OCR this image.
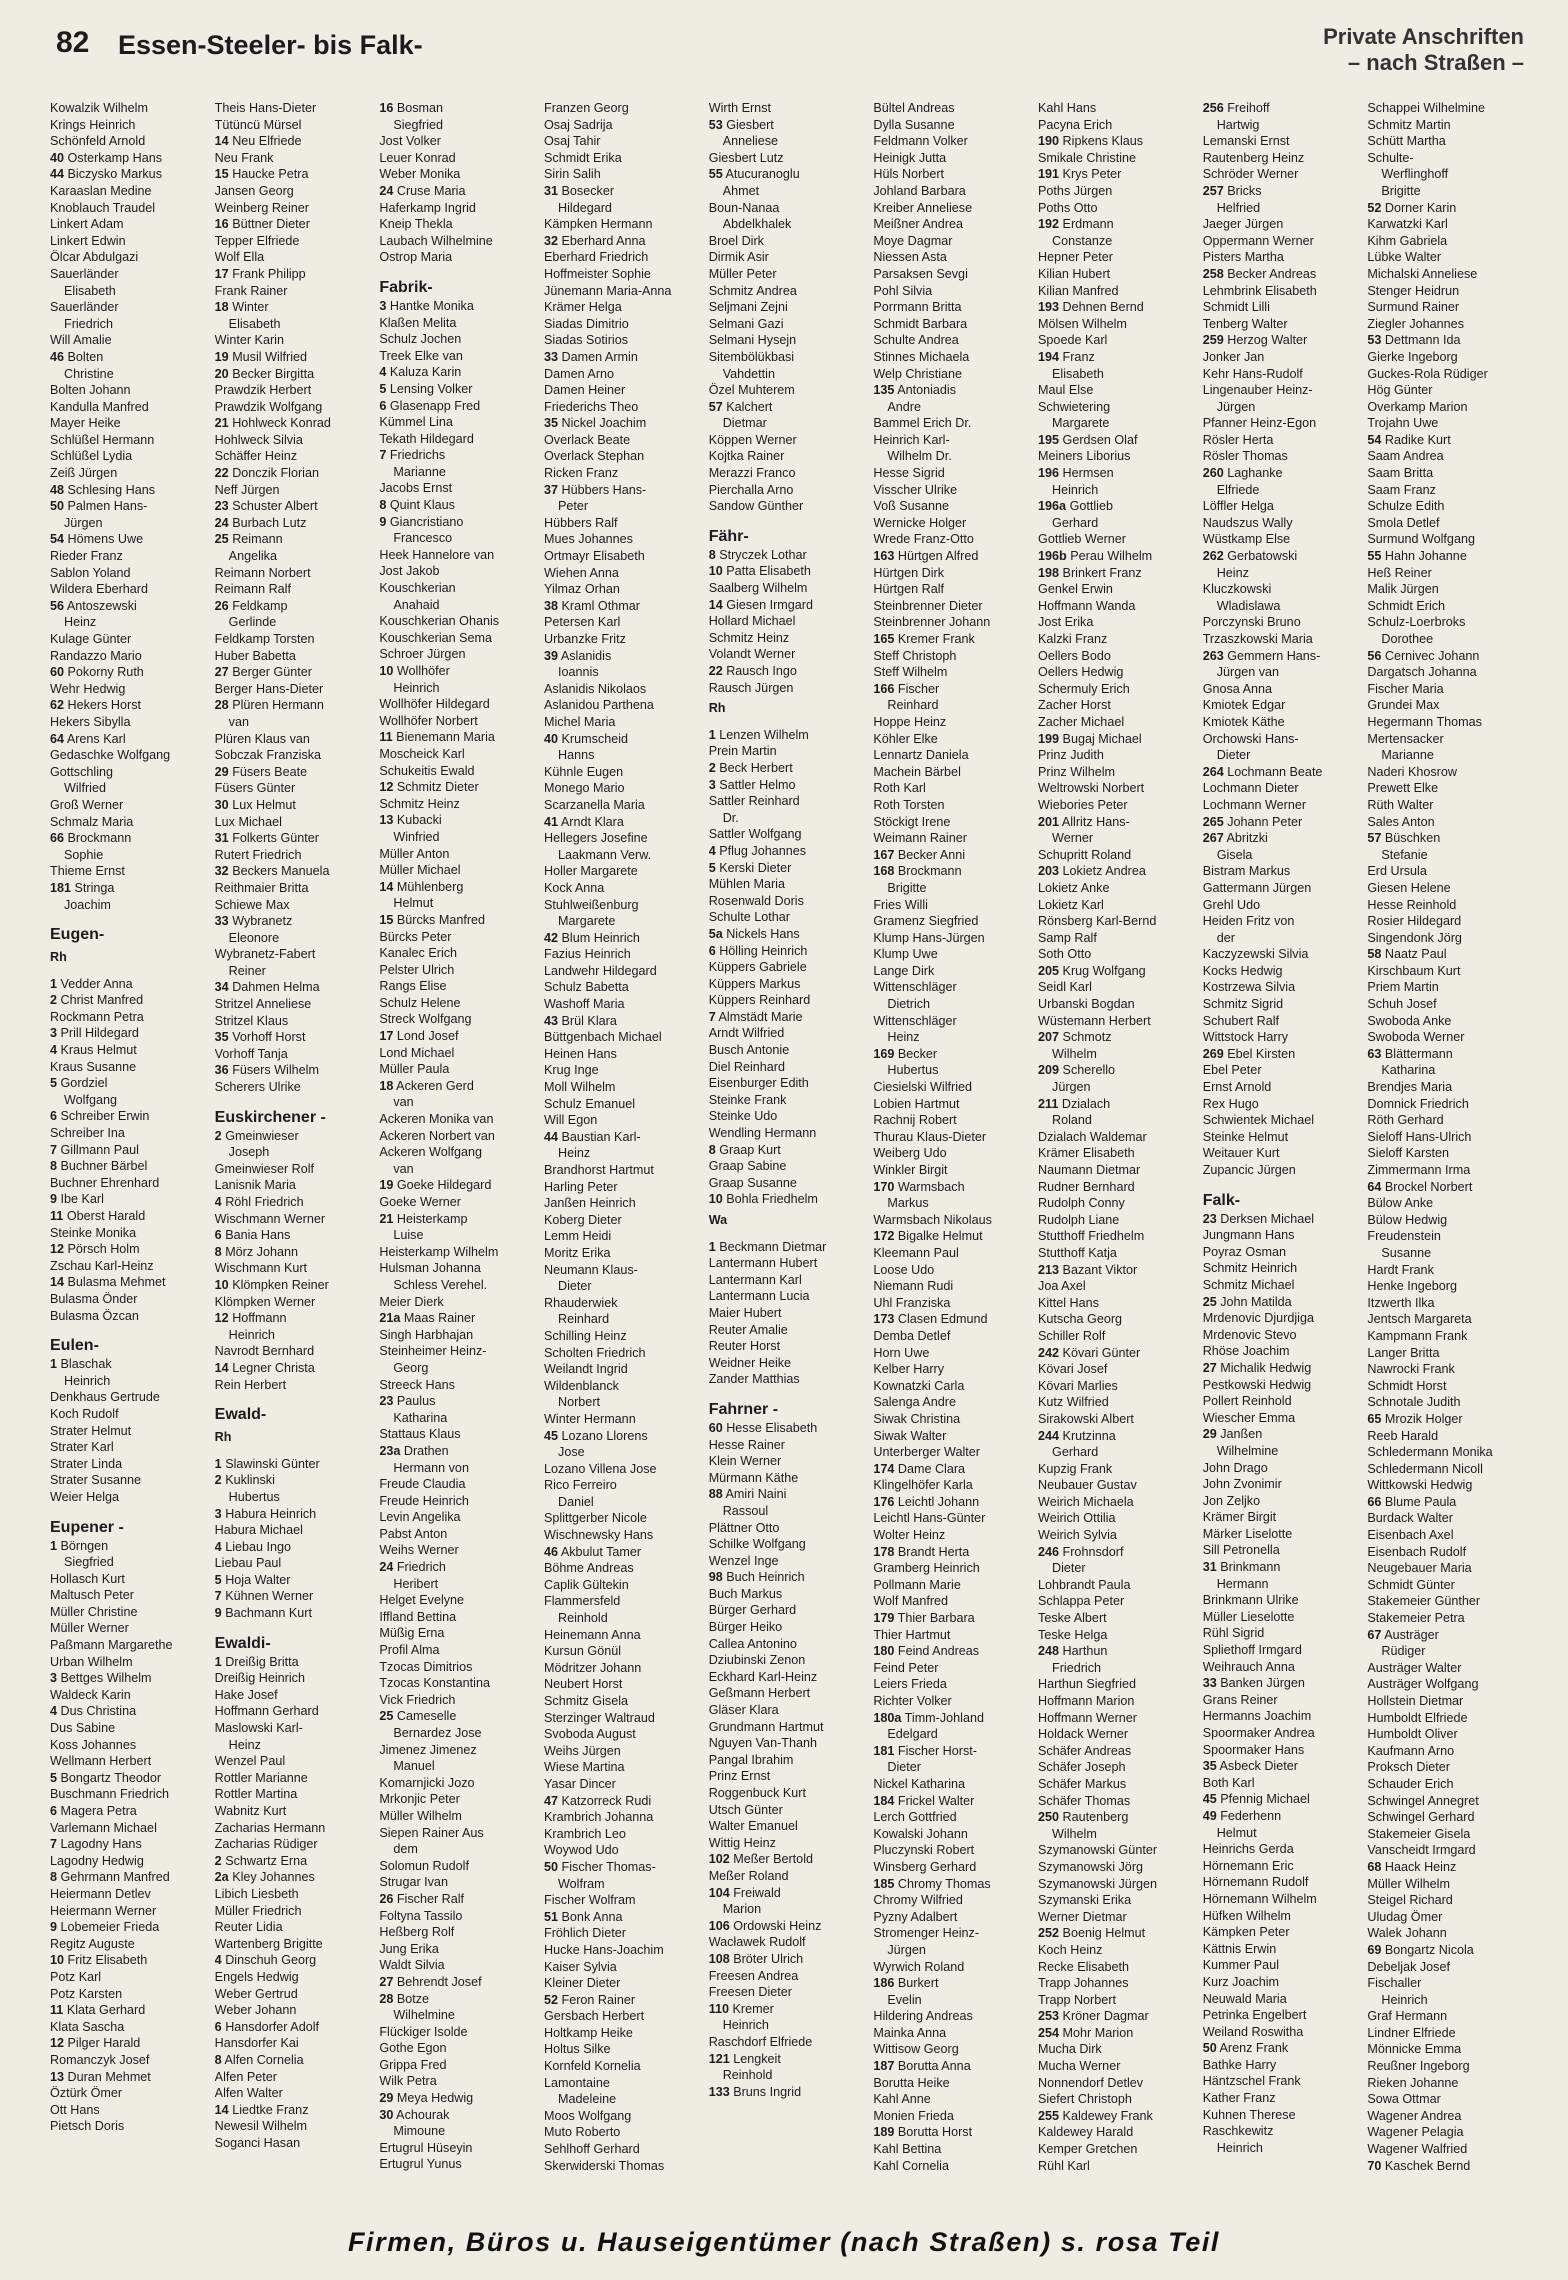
82 Essen-Steeler- bis Falk-	Private Anschriften
– nach Straßen –
Kowalzik Wilhelm
Krings Heinrich
Schönfeld Arnold
40 Osterkamp Hans
44 Biczysko Markus
Karaaslan Medine
Knoblauch Traudel
Linkert Adam
Linkert Edwin
Ölcar Abdulgazi
Sauerländer
Elisabeth
Sauerländer
Friedrich
Will Amalie
46 Bolten
Christine
Bolten Johann
Kandulla Manfred
Mayer Heike
Schlüßel Hermann
Schlüßel Lydia
Zeiß Jürgen
48 Schlesing Hans
50 Palmen Hans-
Jürgen
54 Hömens Uwe
Rieder Franz
Sablon Yoland
Wildera Eberhard
56 Antoszewski
Heinz
Kulage Günter
Randazzo Mario
60 Pokorny Ruth
Wehr Hedwig
62 Hekers Horst
Hekers Sibylla
64 Arens Karl
Gedaschke Wolfgang
Gottschling
Wilfried
Groß Werner
Schmalz Maria
66 Brockmann
Sophie
Thieme Ernst
181 Stringa
Joachim
Eugen-
Rh
1 Vedder Anna
2 Christ Manfred
Rockmann Petra
3 Prill Hildegard
4 Kraus Helmut
Kraus Susanne
5 Gordziel
Wolfgang
6 Schreiber Erwin
Schreiber Ina
7 Gillmann Paul
8 Buchner Bärbel
Buchner Ehrenhard
9 Ibe Karl
11 Oberst Harald
Steinke Monika
12 Pörsch Holm
Zschau Karl-Heinz
14 Bulasma Mehmet
Bulasma Önder
Bulasma Özcan
Eulen-
1 Blaschak
Heinrich
Denkhaus Gertrude
Koch Rudolf
Strater Helmut
Strater Karl
Strater Linda
Strater Susanne
Weier Helga
Eupener -
1 Börngen
Siegfried
Hollasch Kurt
Maltusch Peter
Müller Christine
Müller Werner
Paßmann Margarethe
Urban Wilhelm
3 Bettges Wilhelm
Waldeck Karin
4 Dus Christina
Dus Sabine
Koss Johannes
Wellmann Herbert
5 Bongartz Theodor
Buschmann Friedrich
6 Magera Petra
Varlemann Michael
7 Lagodny Hans
Lagodny Hedwig
8 Gehrmann Manfred
Heiermann Detlev
Heiermann Werner
9 Lobemeier Frieda
Regitz Auguste
10 Fritz Elisabeth
Potz Karl
Potz Karsten
11 Klata Gerhard
Klata Sascha
12 Pilger Harald
Romanczyk Josef
13 Duran Mehmet
Öztürk Ömer
Ott Hans
Pietsch Doris
Theis Hans-Dieter
Tütüncü Mürsel
14 Neu Elfriede
Neu Frank
15 Haucke Petra
Jansen Georg
Weinberg Reiner
16 Büttner Dieter
Tepper Elfriede
Wolf Ella
17 Frank Philipp
Frank Rainer
18 Winter
Elisabeth
Winter Karin
19 Musil Wilfried
20 Becker Birgitta
Prawdzik Herbert
Prawdzik Wolfgang
21 Hohlweck Konrad
Hohlweck Silvia
Schäffer Heinz
22 Donczik Florian
Neff Jürgen
23 Schuster Albert
24 Burbach Lutz
25 Reimann
Angelika
Reimann Norbert
Reimann Ralf
26 Feldkamp
Gerlinde
Feldkamp Torsten
Huber Babetta
27 Berger Günter
Berger Hans-Dieter
28 Plüren Hermann
van
Plüren Klaus van
Sobczak Franziska
29 Füsers Beate
Füsers Günter
30 Lux Helmut
Lux Michael
31 Folkerts Günter
Rutert Friedrich
32 Beckers Manuela
Reithmaier Britta
Schiewe Max
33 Wybranetz
Eleonore
Wybranetz-Fabert
Reiner
34 Dahmen Helma
Stritzel Anneliese
Stritzel Klaus
35 Vorhoff Horst
Vorhoff Tanja
36 Füsers Wilhelm
Scherers Ulrike
Euskirchener -
2 Gmeinwieser
Joseph
Gmeinwieser Rolf
Lanisnik Maria
4 Röhl Friedrich
Wischmann Werner
6 Bania Hans
8 Mörz Johann
Wischmann Kurt
10 Klömpken Reiner
Klömpken Werner
12 Hoffmann
Heinrich
Navrodt Bernhard
14 Legner Christa
Rein Herbert
Ewald-
Rh
1 Slawinski Günter
2 Kuklinski
Hubertus
3 Habura Heinrich
Habura Michael
4 Liebau Ingo
Liebau Paul
5 Hoja Walter
7 Kühnen Werner
9 Bachmann Kurt
Ewaldi-
1 Dreißig Britta
Dreißig Heinrich
Hake Josef
Hoffmann Gerhard
Maslowski Karl-
Heinz
Wenzel Paul
Rottler Marianne
Rottler Martina
Wabnitz Kurt
Zacharias Hermann
Zacharias Rüdiger
2 Schwartz Erna
2a Kley Johannes
Libich Liesbeth
Müller Friedrich
Reuter Lidia
Wartenberg Brigitte
4 Dinschuh Georg
Engels Hedwig
Weber Gertrud
Weber Johann
6 Hansdorfer Adolf
Hansdorfer Kai
8 Alfen Cornelia
Alfen Peter
Alfen Walter
14 Liedtke Franz
Newesil Wilhelm
Soganci Hasan
16 Bosman
Siegfried
Jost Volker
Leuer Konrad
Weber Monika
24 Cruse Maria
Haferkamp Ingrid
Kneip Thekla
Laubach Wilhelmine
Ostrop Maria
Fabrik-
3 Hantke Monika
Klaßen Melita
Schulz Jochen
Treek Elke van
4 Kaluza Karin
5 Lensing Volker
6 Glasenapp Fred
Kümmel Lina
Tekath Hildegard
7 Friedrichs
Marianne
Jacobs Ernst
8 Quint Klaus
9 Giancristiano
Francesco
Heek Hannelore van
Jost Jakob
Kouschkerian
Anahaid
Kouschkerian Ohanis
Kouschkerian Sema
Schroer Jürgen
10 Wollhöfer
Heinrich
Wollhöfer Hildegard
Wollhöfer Norbert
11 Bienemann Maria
Moscheick Karl
Schukeitis Ewald
12 Schmitz Dieter
Schmitz Heinz
13 Kubacki
Winfried
Müller Anton
Müller Michael
14 Mühlenberg
Helmut
15 Bürcks Manfred
Bürcks Peter
Kanalec Erich
Pelster Ulrich
Rangs Elise
Schulz Helene
Streck Wolfgang
17 Lond Josef
Lond Michael
Müller Paula
18 Ackeren Gerd
van
Ackeren Monika van
Ackeren Norbert van
Ackeren Wolfgang
van
19 Goeke Hildegard
Goeke Werner
21 Heisterkamp
Luise
Heisterkamp Wilhelm
Hulsman Johanna
Schless Verehel.
Meier Dierk
21a Maas Rainer
Singh Harbhajan
Steinheimer Heinz-
Georg
Streeck Hans
23 Paulus
Katharina
Stattaus Klaus
23a Drathen
Hermann von
Freude Claudia
Freude Heinrich
Levin Angelika
Pabst Anton
Weihs Werner
24 Friedrich
Heribert
Helget Evelyne
Iffland Bettina
Müßig Erna
Profil Alma
Tzocas Dimitrios
Tzocas Konstantina
Vick Friedrich
25 Cameselle
Bernardez Jose
Jimenez Jimenez
Manuel
Komarnjicki Jozo
Mrkonjic Peter
Müller Wilhelm
Siepen Rainer Aus
dem
Solomun Rudolf
Strugar Ivan
26 Fischer Ralf
Foltyna Tassilo
Heßberg Rolf
Jung Erika
Waldt Silvia
27 Behrendt Josef
28 Botze
Wilhelmine
Flückiger Isolde
Gothe Egon
Grippa Fred
Wilk Petra
29 Meya Hedwig
30 Achourak
Mimoune
Ertugrul Hüseyin
Ertugrul Yunus
Franzen Georg
Osaj Sadrija
Osaj Tahir
Schmidt Erika
Sirin Salih
31 Bosecker
Hildegard
Kämpken Hermann
32 Eberhard Anna
Eberhard Friedrich
Hoffmeister Sophie
Jünemann Maria-Anna
Krämer Helga
Siadas Dimitrio
Siadas Sotirios
33 Damen Armin
Damen Arno
Damen Heiner
Friederichs Theo
35 Nickel Joachim
Overlack Beate
Overlack Stephan
Ricken Franz
37 Hübbers Hans-
Peter
Hübbers Ralf
Mues Johannes
Ortmayr Elisabeth
Wiehen Anna
Yilmaz Orhan
38 Kraml Othmar
Petersen Karl
Urbanzke Fritz
39 Aslanidis
Ioannis
Aslanidis Nikolaos
Aslanidou Parthena
Michel Maria
40 Krumscheid
Hanns
Kühnle Eugen
Monego Mario
Scarzanella Maria
41 Arndt Klara
Hellegers Josefine
Laakmann Verw.
Holler Margarete
Kock Anna
Stuhlweißenburg
Margarete
42 Blum Heinrich
Fazius Heinrich
Landwehr Hildegard
Schulz Babetta
Washoff Maria
43 Brül Klara
Büttgenbach Michael
Heinen Hans
Krug Inge
Moll Wilhelm
Schulz Emanuel
Will Egon
44 Baustian Karl-
Heinz
Brandhorst Hartmut
Harling Peter
Janßen Heinrich
Koberg Dieter
Lemm Heidi
Moritz Erika
Neumann Klaus-
Dieter
Rhauderwiek
Reinhard
Schilling Heinz
Scholten Friedrich
Weilandt Ingrid
Wildenblanck
Norbert
Winter Hermann
45 Lozano Llorens
Jose
Lozano Villena Jose
Rico Ferreiro
Daniel
Splittgerber Nicole
Wischnewsky Hans
46 Akbulut Tamer
Böhme Andreas
Caplik Gültekin
Flammersfeld
Reinhold
Heinemann Anna
Kursun Gönül
Mödritzer Johann
Neubert Horst
Schmitz Gisela
Sterzinger Waltraud
Svoboda August
Weihs Jürgen
Wiese Martina
Yasar Dincer
47 Katzorreck Rudi
Krambrich Johanna
Krambrich Leo
Woywod Udo
50 Fischer Thomas-
Wolfram
Fischer Wolfram
51 Bonk Anna
Fröhlich Dieter
Hucke Hans-Joachim
Kaiser Sylvia
Kleiner Dieter
52 Feron Rainer
Gersbach Herbert
Holtkamp Heike
Holtus Silke
Kornfeld Kornelia
Lamontaine
Madeleine
Moos Wolfgang
Muto Roberto
Sehlhoff Gerhard
Skerwiderski Thomas
Wirth Ernst
53 Giesbert
Anneliese
Giesbert Lutz
55 Atucuranoglu
Ahmet
Boun-Nanaa
Abdelkhalek
Broel Dirk
Dirmik Asir
Müller Peter
Schmitz Andrea
Seljmani Zejni
Selmani Gazi
Selmani Hysejn
Sitembölükbasi
Vahdettin
Özel Muhterem
57 Kalchert
Dietmar
Köppen Werner
Kojtka Rainer
Merazzi Franco
Pierchalla Arno
Sandow Günther
Fähr-
8 Stryczek Lothar
10 Patta Elisabeth
Saalberg Wilhelm
14 Giesen Irmgard
Hollard Michael
Schmitz Heinz
Volandt Werner
22 Rausch Ingo
Rausch Jürgen
Rh
1 Lenzen Wilhelm
Prein Martin
2 Beck Herbert
3 Sattler Helmo
Sattler Reinhard
Dr.
Sattler Wolfgang
4 Pflug Johannes
5 Kerski Dieter
Mühlen Maria
Rosenwald Doris
Schulte Lothar
5a Nickels Hans
6 Hölling Heinrich
Küppers Gabriele
Küppers Markus
Küppers Reinhard
7 Almstädt Marie
Arndt Wilfried
Busch Antonie
Diel Reinhard
Eisenburger Edith
Steinke Frank
Steinke Udo
Wendling Hermann
8 Graap Kurt
Graap Sabine
Graap Susanne
10 Bohla Friedhelm
Wa
1 Beckmann Dietmar
Lantermann Hubert
Lantermann Karl
Lantermann Lucia
Maier Hubert
Reuter Amalie
Reuter Horst
Weidner Heike
Zander Matthias
Fahrner -
60 Hesse Elisabeth
Hesse Rainer
Klein Werner
Mürmann Käthe
88 Amiri Naini
Rassoul
Plättner Otto
Schilke Wolfgang
Wenzel Inge
98 Buch Heinrich
Buch Markus
Bürger Gerhard
Bürger Heiko
Callea Antonino
Dziubinski Zenon
Eckhard Karl-Heinz
Geßmann Herbert
Gläser Klara
Grundmann Hartmut
Nguyen Van-Thanh
Pangal Ibrahim
Prinz Ernst
Roggenbuck Kurt
Utsch Günter
Walter Emanuel
Wittig Heinz
102 Meßer Bertold
Meßer Roland
104 Freiwald
Marion
106 Ordowski Heinz
Wacławek Rudolf
108 Bröter Ulrich
Freesen Andrea
Freesen Dieter
110 Kremer
Heinrich
Raschdorf Elfriede
121 Lengkeit
Reinhold
133 Bruns Ingrid
Bültel Andreas
Dylla Susanne
Feldmann Volker
Heinigk Jutta
Hüls Norbert
Johland Barbara
Kreiber Anneliese
Meißner Andrea
Moye Dagmar
Niessen Asta
Parsaksen Sevgi
Pohl Silvia
Porrmann Britta
Schmidt Barbara
Schulte Andrea
Stinnes Michaela
Welp Christiane
135 Antoniadis
Andre
Bammel Erich Dr.
Heinrich Karl-
Wilhelm Dr.
Hesse Sigrid
Visscher Ulrike
Voß Susanne
Wernicke Holger
Wrede Franz-Otto
163 Hürtgen Alfred
Hürtgen Dirk
Hürtgen Ralf
Steinbrenner Dieter
Steinbrenner Johann
165 Kremer Frank
Steff Christoph
Steff Wilhelm
166 Fischer
Reinhard
Hoppe Heinz
Köhler Elke
Lennartz Daniela
Machein Bärbel
Roth Karl
Roth Torsten
Stöckigt Irene
Weimann Rainer
167 Becker Anni
168 Brockmann
Brigitte
Fries Willi
Gramenz Siegfried
Klump Hans-Jürgen
Klump Uwe
Lange Dirk
Wittenschläger
Dietrich
Wittenschläger
Heinz
169 Becker
Hubertus
Ciesielski Wilfried
Lobien Hartmut
Rachnij Robert
Thurau Klaus-Dieter
Weiberg Udo
Winkler Birgit
170 Warmsbach
Markus
Warmsbach Nikolaus
172 Bigalke Helmut
Kleemann Paul
Loose Udo
Niemann Rudi
Uhl Franziska
173 Clasen Edmund
Demba Detlef
Horn Uwe
Kelber Harry
Kownatzki Carla
Salenga Andre
Siwak Christina
Siwak Walter
Unterberger Walter
174 Dame Clara
Klingelhöfer Karla
176 Leichtl Johann
Leichtl Hans-Günter
Wolter Heinz
178 Brandt Herta
Gramberg Heinrich
Pollmann Marie
Wolf Manfred
179 Thier Barbara
Thier Hartmut
180 Feind Andreas
Feind Peter
Leiers Frieda
Richter Volker
180a Timm-Johland
Edelgard
181 Fischer Horst-
Dieter
Nickel Katharina
184 Frickel Walter
Lerch Gottfried
Kowalski Johann
Pluczynski Robert
Winsberg Gerhard
185 Chromy Thomas
Chromy Wilfried
Pyzny Adalbert
Stromenger Heinz-
Jürgen
Wyrwich Roland
186 Burkert
Evelin
Hildering Andreas
Mainka Anna
Wittisow Georg
187 Borutta Anna
Borutta Heike
Kahl Anne
Monien Frieda
189 Borutta Horst
Kahl Bettina
Kahl Cornelia
Kahl Hans
Pacyna Erich
190 Ripkens Klaus
Smikale Christine
191 Krys Peter
Poths Jürgen
Poths Otto
192 Erdmann
Constanze
Hepner Peter
Kilian Hubert
Kilian Manfred
193 Dehnen Bernd
Mölsen Wilhelm
Spoede Karl
194 Franz
Elisabeth
Maul Else
Schwietering
Margarete
195 Gerdsen Olaf
Meiners Liborius
196 Hermsen
Heinrich
196a Gottlieb
Gerhard
Gottlieb Werner
196b Perau Wilhelm
198 Brinkert Franz
Genkel Erwin
Hoffmann Wanda
Jost Erika
Kalzki Franz
Oellers Bodo
Oellers Hedwig
Schermuly Erich
Zacher Horst
Zacher Michael
199 Bugaj Michael
Prinz Judith
Prinz Wilhelm
Weltrowski Norbert
Wiebories Peter
201 Allritz Hans-
Werner
Schupritt Roland
203 Lokietz Andrea
Lokietz Anke
Lokietz Karl
Rönsberg Karl-Bernd
Samp Ralf
Soth Otto
205 Krug Wolfgang
Seidl Karl
Urbanski Bogdan
Wüstemann Herbert
207 Schmotz
Wilhelm
209 Scherello
Jürgen
211 Dzialach
Roland
Dzialach Waldemar
Krämer Elisabeth
Naumann Dietmar
Rudner Bernhard
Rudolph Conny
Rudolph Liane
Stutthoff Friedhelm
Stutthoff Katja
213 Bazant Viktor
Joa Axel
Kittel Hans
Kutscha Georg
Schiller Rolf
242 Kövari Günter
Kövari Josef
Kövari Marlies
Kutz Wilfried
Sirakowski Albert
244 Krutzinna
Gerhard
Kupzig Frank
Neubauer Gustav
Weirich Michaela
Weirich Ottilia
Weirich Sylvia
246 Frohnsdorf
Dieter
Lohbrandt Paula
Schlappa Peter
Teske Albert
Teske Helga
248 Harthun
Friedrich
Harthun Siegfried
Hoffmann Marion
Hoffmann Werner
Holdack Werner
Schäfer Andreas
Schäfer Joseph
Schäfer Markus
Schäfer Thomas
250 Rautenberg
Wilhelm
Szymanowski Günter
Szymanowski Jörg
Szymanowski Jürgen
Szymanski Erika
Werner Dietmar
252 Boenig Helmut
Koch Heinz
Recke Elisabeth
Trapp Johannes
Trapp Norbert
253 Kröner Dagmar
254 Mohr Marion
Mucha Dirk
Mucha Werner
Nonnendorf Detlev
Siefert Christoph
255 Kaldewey Frank
Kaldewey Harald
Kemper Gretchen
Rühl Karl
256 Freihoff
Hartwig
Lemanski Ernst
Rautenberg Heinz
Schröder Werner
257 Bricks
Helfried
Jaeger Jürgen
Oppermann Werner
Pisters Martha
258 Becker Andreas
Lehmbrink Elisabeth
Schmidt Lilli
Tenberg Walter
259 Herzog Walter
Jonker Jan
Kehr Hans-Rudolf
Lingenauber Heinz-
Jürgen
Pfanner Heinz-Egon
Rösler Herta
Rösler Thomas
260 Laghanke
Elfriede
Löffler Helga
Naudszus Wally
Wüstkamp Else
262 Gerbatowski
Heinz
Kluczkowski
Wladislawa
Porczynski Bruno
Trzaszkowski Maria
263 Gemmern Hans-
Jürgen van
Gnosa Anna
Kmiotek Edgar
Kmiotek Käthe
Orchowski Hans-
Dieter
264 Lochmann Beate
Lochmann Dieter
Lochmann Werner
265 Johann Peter
267 Abritzki
Gisela
Bistram Markus
Gattermann Jürgen
Grehl Udo
Heiden Fritz von
der
Kaczyzewski Silvia
Kocks Hedwig
Kostrzewa Silvia
Schmitz Sigrid
Schubert Ralf
Wittstock Harry
269 Ebel Kirsten
Ebel Peter
Ernst Arnold
Rex Hugo
Schwientek Michael
Steinke Helmut
Weitauer Kurt
Zupancic Jürgen
Falk-
23 Derksen Michael
Jungmann Hans
Poyraz Osman
Schmitz Heinrich
Schmitz Michael
25 John Matilda
Mrdenovic Djurdjiga
Mrdenovic Stevo
Rhöse Joachim
27 Michalik Hedwig
Pestkowski Hedwig
Pollert Reinhold
Wiescher Emma
29 Janßen
Wilhelmine
John Drago
John Zvonimir
Jon Zeljko
Krämer Birgit
Märker Liselotte
Sill Petronella
31 Brinkmann
Hermann
Brinkmann Ulrike
Müller Lieselotte
Rühl Sigrid
Spliethoff Irmgard
Weihrauch Anna
33 Banken Jürgen
Grans Reiner
Hermanns Joachim
Spoormaker Andrea
Spoormaker Hans
35 Asbeck Dieter
Both Karl
45 Pfennig Michael
49 Federhenn
Helmut
Heinrichs Gerda
Hörnemann Eric
Hörnemann Rudolf
Hörnemann Wilhelm
Hüfken Wilhelm
Kämpken Peter
Kättnis Erwin
Kummer Paul
Kurz Joachim
Neuwald Maria
Petrinka Engelbert
Weiland Roswitha
50 Arenz Frank
Bathke Harry
Häntzschel Frank
Kather Franz
Kuhnen Therese
Raschkewitz
Heinrich
Schappei Wilhelmine
Schmitz Martin
Schütt Martha
Schulte-
Werflinghoff
Brigitte
52 Dorner Karin
Karwatzki Karl
Kihm Gabriela
Lübke Walter
Michalski Anneliese
Stenger Heidrun
Surmund Rainer
Ziegler Johannes
53 Dettmann Ida
Gierke Ingeborg
Guckes-Rola Rüdiger
Hög Günter
Overkamp Marion
Trojahn Uwe
54 Radike Kurt
Saam Andrea
Saam Britta
Saam Franz
Schulze Edith
Smola Detlef
Surmund Wolfgang
55 Hahn Johanne
Heß Reiner
Malik Jürgen
Schmidt Erich
Schulz-Loerbroks
Dorothee
56 Cernivec Johann
Dargatsch Johanna
Fischer Maria
Grundei Max
Hegermann Thomas
Mertensacker
Marianne
Naderi Khosrow
Prewett Elke
Rüth Walter
Sales Anton
57 Büschken
Stefanie
Erd Ursula
Giesen Helene
Hesse Reinhold
Rosier Hildegard
Singendonk Jörg
58 Naatz Paul
Kirschbaum Kurt
Priem Martin
Schuh Josef
Swoboda Anke
Swoboda Werner
63 Blättermann
Katharina
Brendjes Maria
Domnick Friedrich
Röth Gerhard
Sieloff Hans-Ulrich
Sieloff Karsten
Zimmermann Irma
64 Brockel Norbert
Bülow Anke
Bülow Hedwig
Freudenstein
Susanne
Hardt Frank
Henke Ingeborg
Itzwerth Ilka
Jentsch Margareta
Kampmann Frank
Langer Britta
Nawrocki Frank
Schmidt Horst
Schnotale Judith
65 Mrozik Holger
Reeb Harald
Schledermann Monika
Schledermann Nicoll
Wittkowski Hedwig
66 Blume Paula
Burdack Walter
Eisenbach Axel
Eisenbach Rudolf
Neugebauer Maria
Schmidt Günter
Stakemeier Günther
Stakemeier Petra
67 Austräger
Rüdiger
Austräger Walter
Austräger Wolfgang
Hollstein Dietmar
Humboldt Elfriede
Humboldt Oliver
Kaufmann Arno
Proksch Dieter
Schauder Erich
Schwingel Annegret
Schwingel Gerhard
Stakemeier Gisela
Vanscheidt Irmgard
68 Haack Heinz
Müller Wilhelm
Steigel Richard
Uludag Ömer
Walek Johann
69 Bongartz Nicola
Debeljak Josef
Fischaller
Heinrich
Graf Hermann
Lindner Elfriede
Mönnicke Emma
Reußner Ingeborg
Rieken Johanne
Sowa Ottmar
Wagener Andrea
Wagener Pelagia
Wagener Walfried
70 Kaschek Bernd
Firmen, Büros u. Hauseigentümer (nach Straßen) s. rosa Teil
